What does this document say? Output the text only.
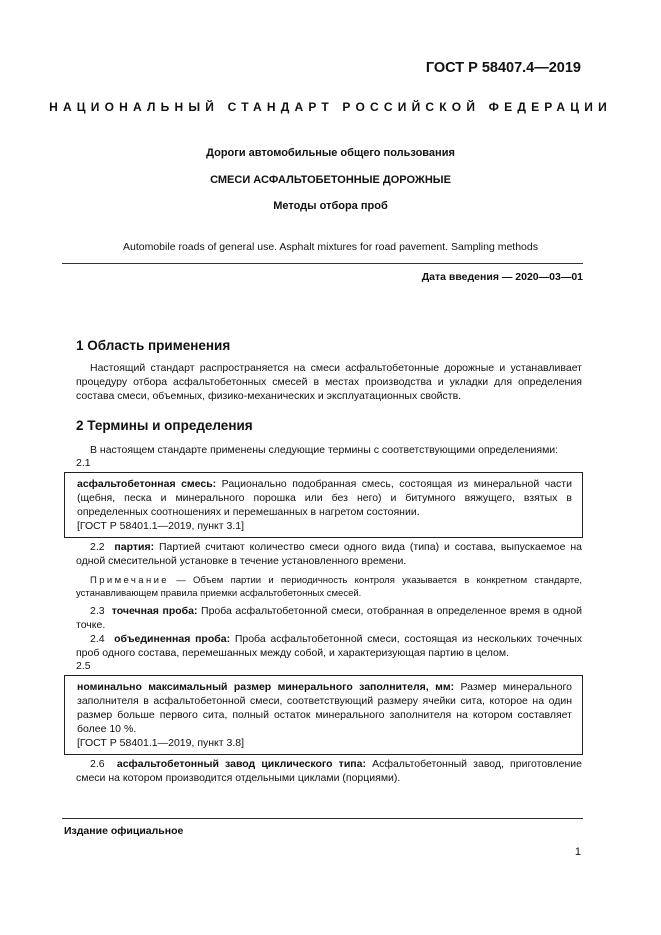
ГОСТ Р 58407.4—2019
НАЦИОНАЛЬНЫЙ СТАНДАРТ РОССИЙСКОЙ ФЕДЕРАЦИИ
Дороги автомобильные общего пользования
СМЕСИ АСФАЛЬТОБЕТОННЫЕ ДОРОЖНЫЕ
Методы отбора проб
Automobile roads of general use. Asphalt mixtures for road pavement. Sampling methods
Дата введения — 2020—03—01
1 Область применения
Настоящий стандарт распространяется на смеси асфальтобетонные дорожные и устанавливает процедуру отбора асфальтобетонных смесей в местах производства и укладки для определения состава смеси, объемных, физико-механических и эксплуатационных свойств.
2 Термины и определения
В настоящем стандарте применены следующие термины с соответствующими определениями:
2.1
асфальтобетонная смесь: Рационально подобранная смесь, состоящая из минеральной части (щебня, песка и минерального порошка или без него) и битумного вяжущего, взятых в определенных соотношениях и перемешанных в нагретом состоянии.
[ГОСТ Р 58401.1—2019, пункт 3.1]
2.2 партия: Партией считают количество смеси одного вида (типа) и состава, выпускаемое на одной смесительной установке в течение установленного времени.
Примечание — Объем партии и периодичность контроля указывается в конкретном стандарте, устанавливающем правила приемки асфальтобетонных смесей.
2.3 точечная проба: Проба асфальтобетонной смеси, отобранная в определенное время в одной точке.
2.4 объединенная проба: Проба асфальтобетонной смеси, состоящая из нескольких точечных проб одного состава, перемешанных между собой, и характеризующая партию в целом.
2.5
номинально максимальный размер минерального заполнителя, мм: Размер минерального заполнителя в асфальтобетонной смеси, соответствующий размеру ячейки сита, которое на один размер больше первого сита, полный остаток минерального заполнителя на котором составляет более 10 %.
[ГОСТ Р 58401.1—2019, пункт 3.8]
2.6 асфальтобетонный завод циклического типа: Асфальтобетонный завод, приготовление смеси на котором производится отдельными циклами (порциями).
Издание официальное
1
